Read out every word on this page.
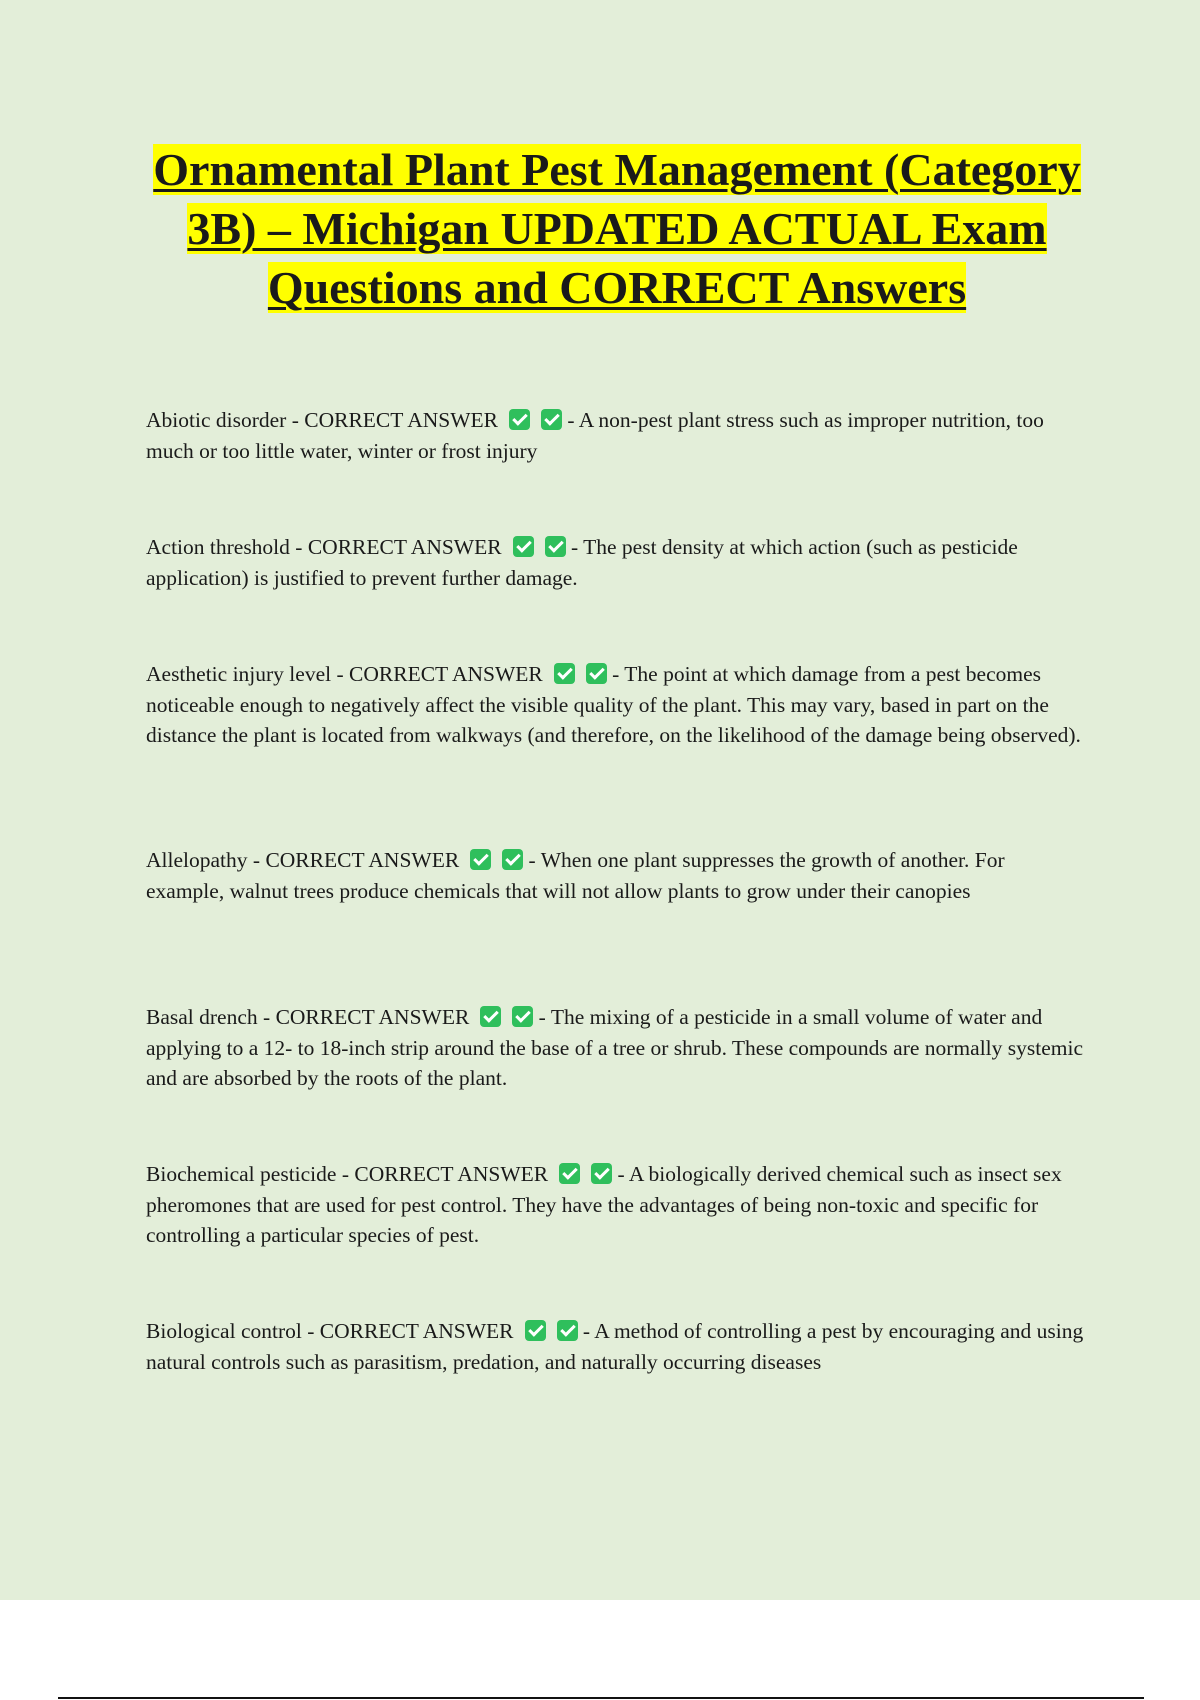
Ornamental Plant Pest Management (Category 3B) – Michigan UPDATED ACTUAL Exam Questions and CORRECT Answers
Abiotic disorder - CORRECT ANSWER	- A non-pest plant stress such as improper nutrition, too much or too little water, winter or frost injury
Action threshold - CORRECT ANSWER	- The pest density at which action (such as pesticide application) is justified to prevent further damage.
Aesthetic injury level - CORRECT ANSWER	- The point at which damage from a pest becomes noticeable enough to negatively affect the visible quality of the plant. This may vary, based in part on the distance the plant is located from walkways (and therefore, on the likelihood of the damage being observed).
Allelopathy - CORRECT ANSWER	- When one plant suppresses the growth of another. For example, walnut trees produce chemicals that will not allow plants to grow under their canopies
Basal drench - CORRECT ANSWER	- The mixing of a pesticide in a small volume of water and applying to a 12- to 18-inch strip around the base of a tree or shrub. These compounds are normally systemic and are absorbed by the roots of the plant.
Biochemical pesticide - CORRECT ANSWER	- A biologically derived chemical such as insect sex pheromones that are used for pest control. They have the advantages of being non-toxic and specific for controlling a particular species of pest.
Biological control - CORRECT ANSWER	- A method of controlling a pest by encouraging and using natural controls such as parasitism, predation, and naturally occurring diseases
